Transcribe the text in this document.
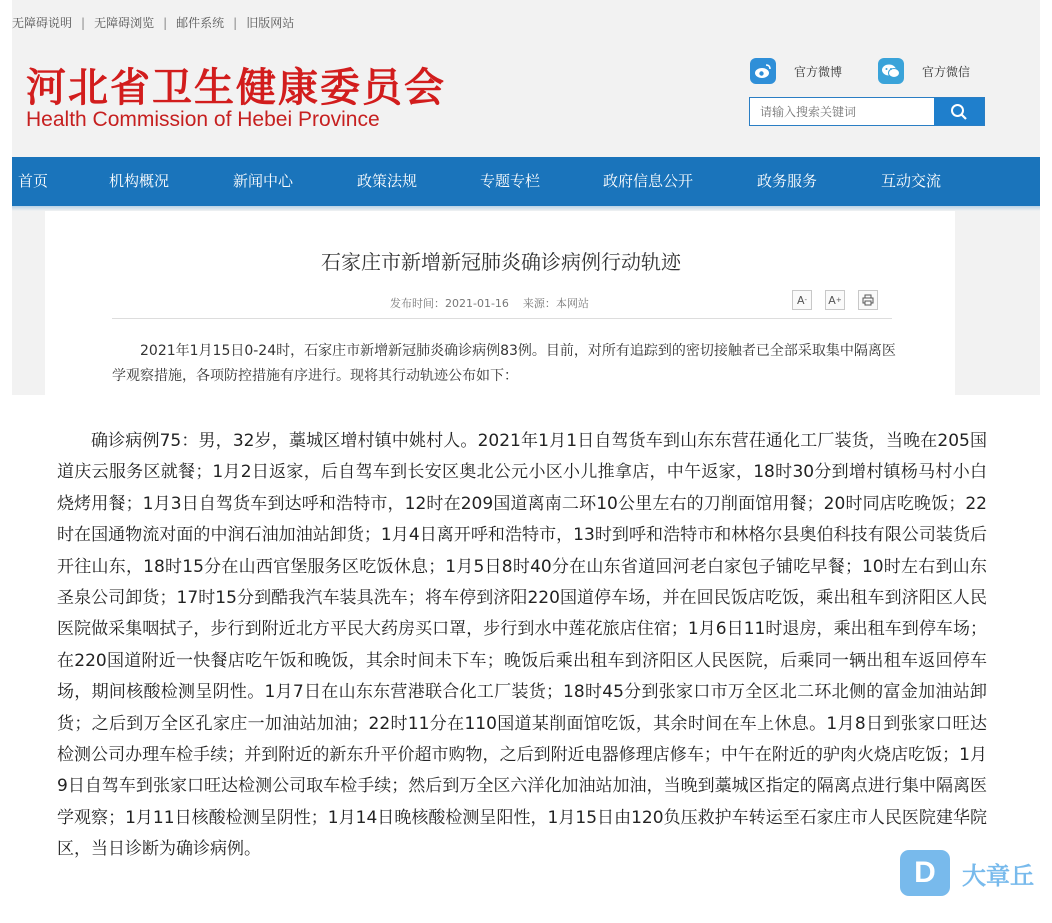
无障碍说明 | 无障碍浏览 | 邮件系统 | 旧版网站
河北省卫生健康委员会
Health Commission of Hebei Province
官方微博	官方微信
请输入搜索关键词
首页	机构概况	新闻中心	政策法规	专题专栏	政府信息公开	政务服务	互动交流
石家庄市新增新冠肺炎确诊病例行动轨迹
发布时间：2021-01-16    来源：本网站	A - A +

2021年1月15日0-24时，石家庄市新增新冠肺炎确诊病例83例。目前，对所有追踪到的密切接触者已全部采取集中隔离医学观察措施，各项防控措施有序进行。现将其行动轨迹公布如下：

确诊病例75：男，32岁，藁城区增村镇中姚村人。2021年1月1日自驾货车到山东东营茌通化工厂装货，当晚在205国道庆云服务区就餐；1月2日返家，后自驾车到长安区奥北公元小区小儿推拿店，中午返家，18时30分到增村镇杨马村小白烧烤用餐；1月3日自驾货车到达呼和浩特市，12时在209国道离南二环10公里左右的刀削面馆用餐；20时同店吃晚饭；22时在国通物流对面的中润石油加油站卸货；1月4日离开呼和浩特市，13时到呼和浩特市和林格尔县奥伯科技有限公司装货后开往山东，18时15分在山西官堡服务区吃饭休息；1月5日8时40分在山东省道回河老白家包子铺吃早餐；10时左右到山东圣泉公司卸货；17时15分到酷我汽车装具洗车；将车停到济阳220国道停车场，并在回民饭店吃饭，乘出租车到济阳区人民医院做采集咽拭子，步行到附近北方平民大药房买口罩，步行到水中莲花旅店住宿；1月6日11时退房，乘出租车到停车场；在220国道附近一快餐店吃午饭和晚饭，其余时间未下车；晚饭后乘出租车到济阳区人民医院，后乘同一辆出租车返回停车场，期间核酸检测呈阴性。1月7日在山东东营港联合化工厂装货；18时45分到张家口市万全区北二环北侧的富金加油站卸货；之后到万全区孔家庄一加油站加油；22时11分在110国道某削面馆吃饭，其余时间在车上休息。1月8日到张家口旺达检测公司办理车检手续；并到附近的新东升平价超市购物，之后到附近电器修理店修车；中午在附近的驴肉火烧店吃饭；1月9日自驾车到张家口旺达检测公司取车检手续；然后到万全区六洋化加油站加油，当晚到藁城区指定的隔离点进行集中隔离医学观察；1月11日核酸检测呈阴性；1月14日晚核酸检测呈阳性，1月15日由120负压救护车转运至石家庄市人民医院建华院区，当日诊断为确诊病例。

D	大章丘
